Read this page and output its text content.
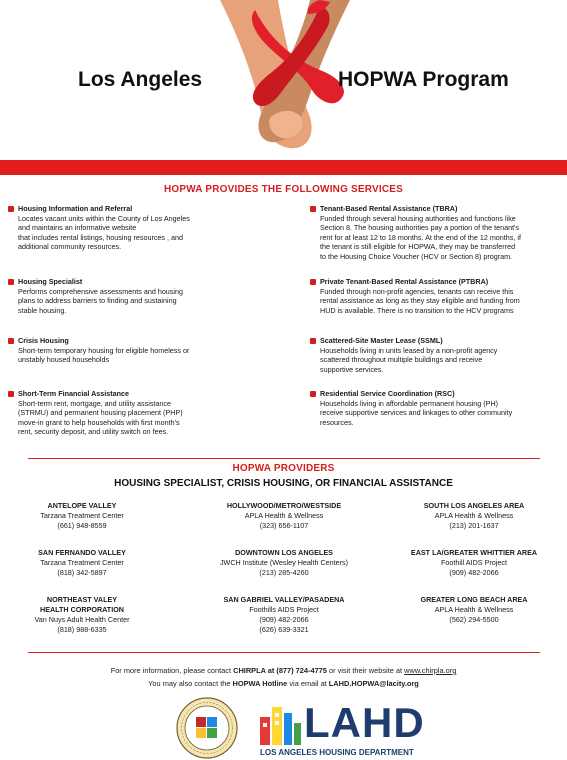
Los Angeles	HOPWA Program
HOPWA PROVIDES THE FOLLOWING SERVICES
Housing Information and Referral
Locates vacant units within the County of Los Angeles
and maintains an informative website
that includes rental listings, housing resources , and
additional community resources.
Housing Specialist
Performs comprehensive assessments and housing
plans to address barriers to finding and sustaining
stable housing.
Crisis Housing
Short-term temporary housing for eligible homeless or
unstably housed households
Short-Term Financial Assistance
Short-term rent, mortgage, and utility assistance
(STRMU) and permanent housing placement (PHP)
move-in grant to help households with first month's
rent, security deposit, and utility switch on fees.
Tenant-Based Rental Assistance (TBRA)
Funded through several housing authorities and functions like
Section 8. The housing authorities pay a portion of the tenant's
rent for at least 12 to 18 months. At the end of the 12 months, if
the tenant is still eligible for HOPWA, they may be transferred
to the Housing Choice Voucher (HCV or Section 8) program.
Private Tenant-Based Rental Assistance (PTBRA)
Funded through non-profit agencies, tenants can receive this
rental assistance as long as they stay eligible and funding from
HUD is available. There is no transition to the HCV programs
Scattered-Site Master Lease (SSML)
Households living in units leased by a non-profit agency
scattered throughout multiple buildings and receive
supportive services.
Residential Service Coordination (RSC)
Households living in affordable permanent housing (PH)
receive supportive services and linkages to other community
resources.
HOPWA PROVIDERS
HOUSING SPECIALIST, CRISIS HOUSING, OR FINANCIAL ASSISTANCE
ANTELOPE VALLEY
Tarzana Treatment Center
(661) 948-8559
SAN FERNANDO VALLEY
Tarzana Treatment Center
(818) 342-5897
NORTHEAST VALEY
HEALTH CORPORATION
Van Nuys Adult Health Center
(818) 988-6335
HOLLYWOOD/METRO/WESTSIDE
APLA Health & Wellness
(323) 656-1107
DOWNTOWN LOS ANGELES
JWCH Institute (Wesley Health Centers)
(213) 285-4260
SAN GABRIEL VALLEY/PASADENA
Foothills AIDS Project
(909) 482-2066
(626) 639-3321
SOUTH LOS ANGELES AREA
APLA Health & Wellness
(213) 201-1637
EAST LA/GREATER WHITTIER AREA
Foothill AIDS Project
(909) 482-2066
GREATER LONG BEACH AREA
APLA Health & Wellness
(562) 294-5500
For more information, please contact CHIRPLA at (877) 724-4775 or visit their website at www.chirpla.org
You may also contact the HOPWA Hotline via email at LAHD.HOPWA@lacity.org
LAHD
LOS ANGELES HOUSING DEPARTMENT
